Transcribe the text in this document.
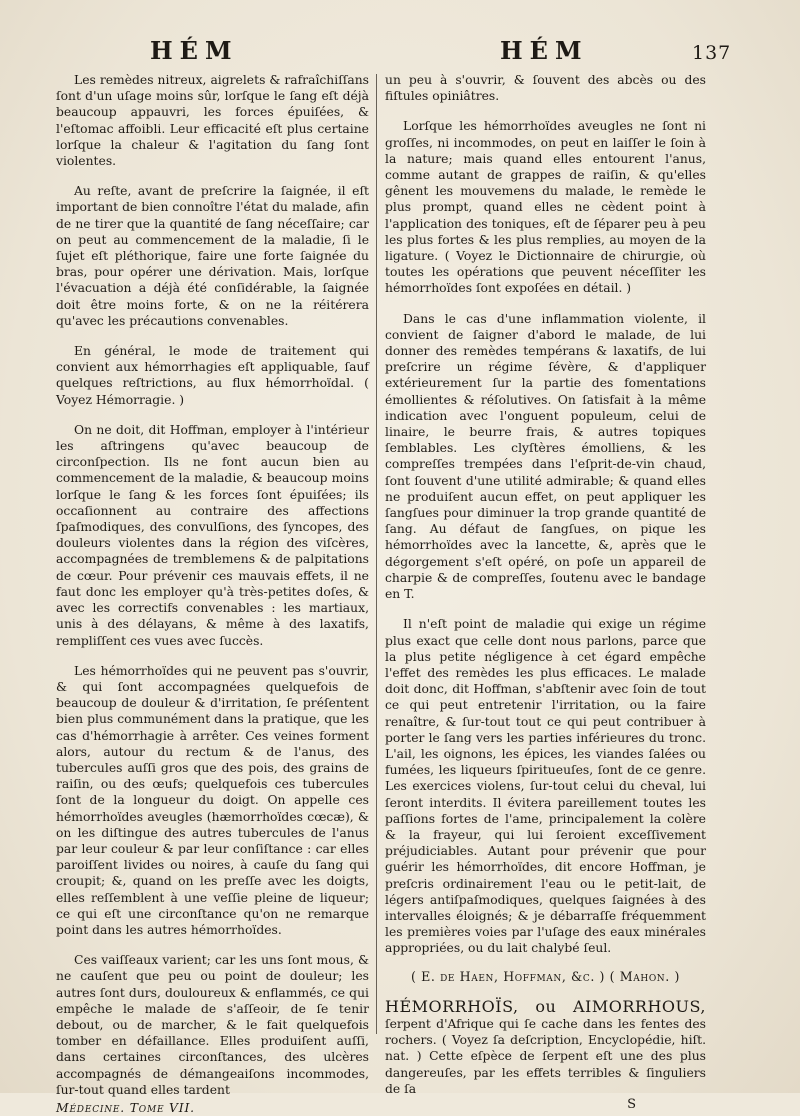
HÉM	HÉM	137

Les remèdes nitreux, aigrelets & rafraîchiſſans ſont d'un uſage moins sûr, lorſque le ſang eſt déjà beaucoup appauvri, les forces épuiſées, & l'eſtomac affoibli. Leur efficacité eſt plus certaine lorſque la chaleur & l'agitation du ſang ſont violentes.

Au reſte, avant de preſcrire la ſaignée, il eſt important de bien connoître l'état du malade, afin de ne tirer que la quantité de ſang néceſſaire; car on peut au commencement de la maladie, ſi le ſujet eſt pléthorique, faire une forte ſaignée du bras, pour opérer une dérivation. Mais, lorſque l'évacuation a déjà été conſidérable, la ſaignée doit être moins forte, & on ne la réitérera qu'avec les précautions convenables.

En général, le mode de traitement qui convient aux hémorrhagies eſt appliquable, ſauf quelques reſtrictions, au flux hémorrhoïdal. ( Voyez Hémorragie. )

On ne doit, dit Hoffman, employer à l'intérieur les aſtringens qu'avec beaucoup de circonſpection. Ils ne font aucun bien au commencement de la maladie, & beaucoup moins lorſque le ſang & les forces ſont épuiſées; ils occaſionnent au contraire des affections ſpaſmodiques, des convulſions, des ſyncopes, des douleurs violentes dans la région des viſcères, accompagnées de tremblemens & de palpitations de cœur. Pour prévenir ces mauvais effets, il ne faut donc les employer qu'à très-petites doſes, & avec les correctifs convenables : les martiaux, unis à des délayans, & même à des laxatifs, rempliſſent ces vues avec ſuccès.

Les hémorrhoïdes qui ne peuvent pas s'ouvrir, & qui ſont accompagnées quelquefois de beaucoup de douleur & d'irritation, ſe préſentent bien plus communément dans la pratique, que les cas d'hémorrhagie à arrêter. Ces veines forment alors, autour du rectum & de l'anus, des tubercules auſſi gros que des pois, des grains de raiſin, ou des œufs; quelquefois ces tubercules ſont de la longueur du doigt. On appelle ces hémorrhoïdes aveugles (hæmorrhoïdes cœcæ), & on les diſtingue des autres tubercules de l'anus par leur couleur & par leur conſiſtance : car elles paroiſſent livides ou noires, à cauſe du ſang qui croupit; &, quand on les preſſe avec les doigts, elles reſſemblent à une veſſie pleine de liqueur; ce qui eſt une circonſtance qu'on ne remarque point dans les autres hémorrhoïdes.

Ces vaiſſeaux varient; car les uns ſont mous, & ne cauſent que peu ou point de douleur; les autres ſont durs, douloureux & enflammés, ce qui empêche le malade de s'aſſeoir, de ſe tenir debout, ou de marcher, & le fait quelquefois tomber en défaillance. Elles produiſent auſſi, dans certaines circonſtances, des ulcères accompagnés de démangeaiſons incommodes, ſur-tout quand elles tardent

Médecine. Tome VII.

un peu à s'ouvrir, & ſouvent des abcès ou des fiſtules opiniâtres.

Lorſque les hémorrhoïdes aveugles ne ſont ni groſſes, ni incommodes, on peut en laiſſer le ſoin à la nature; mais quand elles entourent l'anus, comme autant de grappes de raiſin, & qu'elles gênent les mouvemens du malade, le remède le plus prompt, quand elles ne cèdent point à l'application des toniques, eſt de ſéparer peu à peu les plus fortes & les plus remplies, au moyen de la ligature. ( Voyez le Dictionnaire de chirurgie, où toutes les opérations que peuvent néceſſiter les hémorrhoïdes ſont expoſées en détail. )

Dans le cas d'une inflammation violente, il convient de ſaigner d'abord le malade, de lui donner des remèdes tempérans & laxatifs, de lui preſcrire un régime ſévère, & d'appliquer extérieurement ſur la partie des fomentations émollientes & réſolutives. On ſatisfait à la même indication avec l'onguent populeum, celui de linaire, le beurre frais, & autres topiques ſemblables. Les clyſtères émolliens, & les compreſſes trempées dans l'eſprit-de-vin chaud, ſont ſouvent d'une utilité admirable; & quand elles ne produiſent aucun effet, on peut appliquer les ſangſues pour diminuer la trop grande quantité de ſang. Au défaut de ſangſues, on pique les hémorrhoïdes avec la lancette, &, après que le dégorgement s'eſt opéré, on poſe un appareil de charpie & de compreſſes, ſoutenu avec le bandage en T.

Il n'eſt point de maladie qui exige un régime plus exact que celle dont nous parlons, parce que la plus petite négligence à cet égard empêche l'effet des remèdes les plus efficaces. Le malade doit donc, dit Hoffman, s'abſtenir avec ſoin de tout ce qui peut entretenir l'irritation, ou la faire renaître, & ſur-tout tout ce qui peut contribuer à porter le ſang vers les parties inférieures du tronc. L'ail, les oignons, les épices, les viandes ſalées ou fumées, les liqueurs ſpiritueuſes, ſont de ce genre. Les exercices violens, ſur-tout celui du cheval, lui ſeront interdits. Il évitera pareillement toutes les paſſions fortes de l'ame, principalement la colère & la frayeur, qui lui ſeroient exceſſivement préjudiciables. Autant pour prévenir que pour guérir les hémorrhoïdes, dit encore Hoffman, je preſcris ordinairement l'eau ou le petit-lait, de légers antiſpaſmodiques, quelques ſaignées à des intervalles éloignés; & je débarraſſe fréquemment les premières voies par l'uſage des eaux minérales appropriées, ou du lait chalybé ſeul.

( E. de Haen, Hoffman, &c. ) ( Mahon. )

HÉMORRHOÏS, ou AIMORRHOUS, ſerpent d'Afrique qui ſe cache dans les fentes des rochers. ( Voyez ſa deſcription, Encyclopédie, hiſt. nat. ) Cette eſpèce de ſerpent eſt une des plus dangereuſes, par les effets terribles & ſinguliers de ſa

S
